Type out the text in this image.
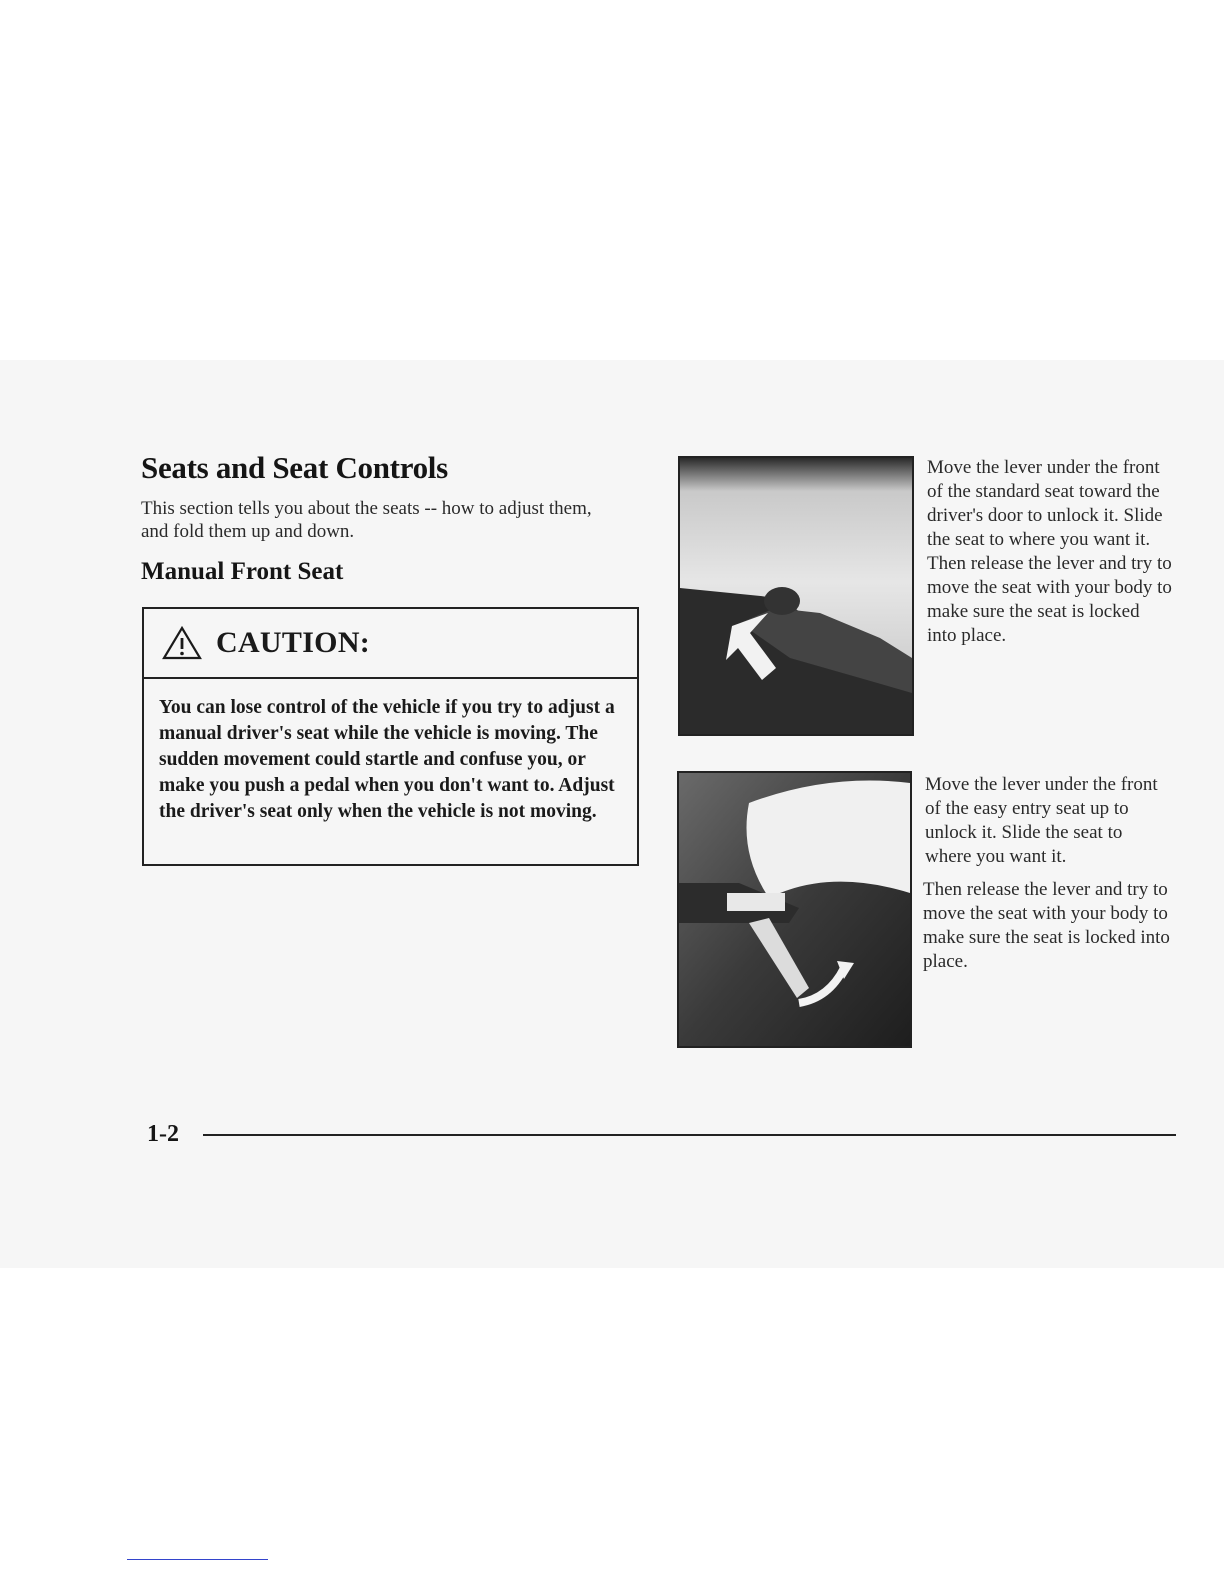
Seats and Seat Controls

This section tells you about the seats -- how to adjust them, and fold them up and down.

Manual Front Seat
CAUTION:

You can lose control of the vehicle if you try to adjust a manual driver's seat while the vehicle is moving. The sudden movement could startle and confuse you, or make you push a pedal when you don't want to. Adjust the driver's seat only when the vehicle is not moving.

Move the lever under the front of the standard seat toward the driver's door to unlock it. Slide the seat to where you want it. Then release the lever and try to move the seat with your body to make sure the seat is locked into place.

Move the lever under the front of the easy entry seat up to unlock it. Slide the seat to where you want it.

Then release the lever and try to move the seat with your body to make sure the seat is locked into place.

1-2
